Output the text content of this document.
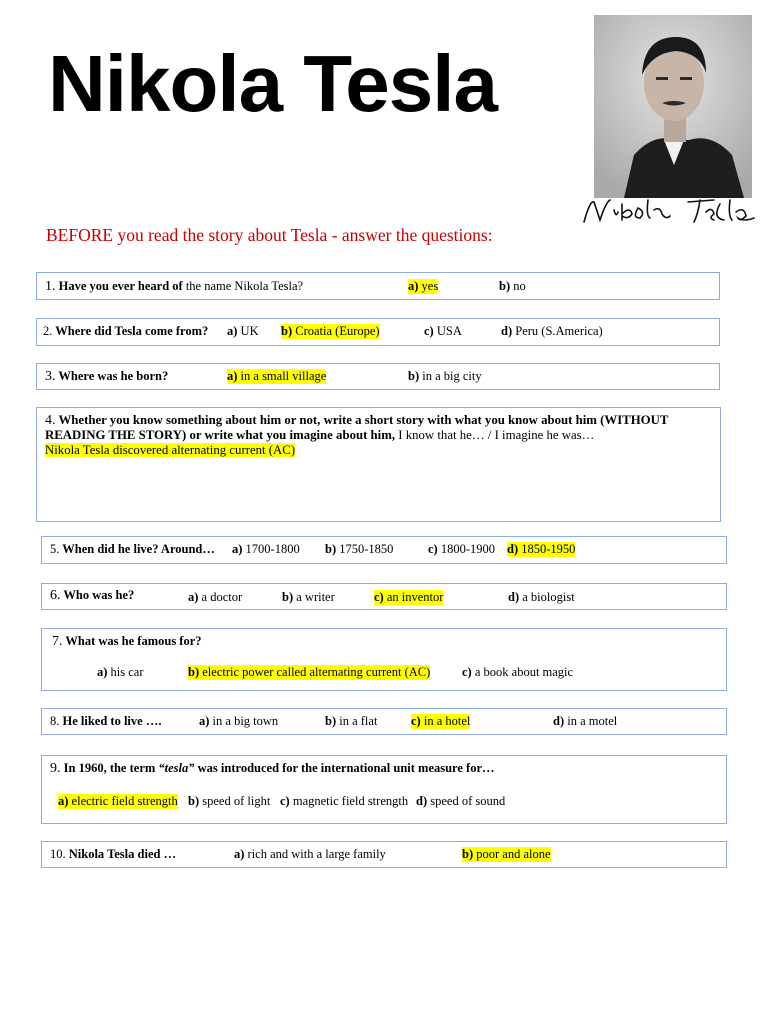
Nikola Tesla

BEFORE you read the story about Tesla - answer the questions:

1. Have you ever heard of the name Nikola Tesla?	a) yes	b) no
2. Where did Tesla come from? a) UK b) Croatia (Europe)	c) USA	d) Peru (S.America)
3. Where was he born?	a) in a small village	b) in a big city
4. Whether you know something about him or not, write a short story with what you know about him (WITHOUT
READING THE STORY) or write what you imagine about him, I know that he… / I imagine he was…
Nikola Tesla discovered alternating current (AC)
5. When did he live? Around… a) 1700-1800 b) 1750-1850	c) 1800-1900 d) 1850-1950
6. Who was he?	a) a doctor	b) a writer	c) an inventor	d) a biologist
7. What was he famous for?
a) his car	b) electric power called alternating current (AC)	c) a book about magic
8. He liked to live ….	a) in a big town	b) in a flat	c) in a hotel	d) in a motel
9. In 1960, the term “tesla” was introduced for the international unit measure for…
a) electric field strength b) speed of light c) magnetic field strength d) speed of sound
10. Nikola Tesla died …	a) rich and with a large family	b) poor and alone
